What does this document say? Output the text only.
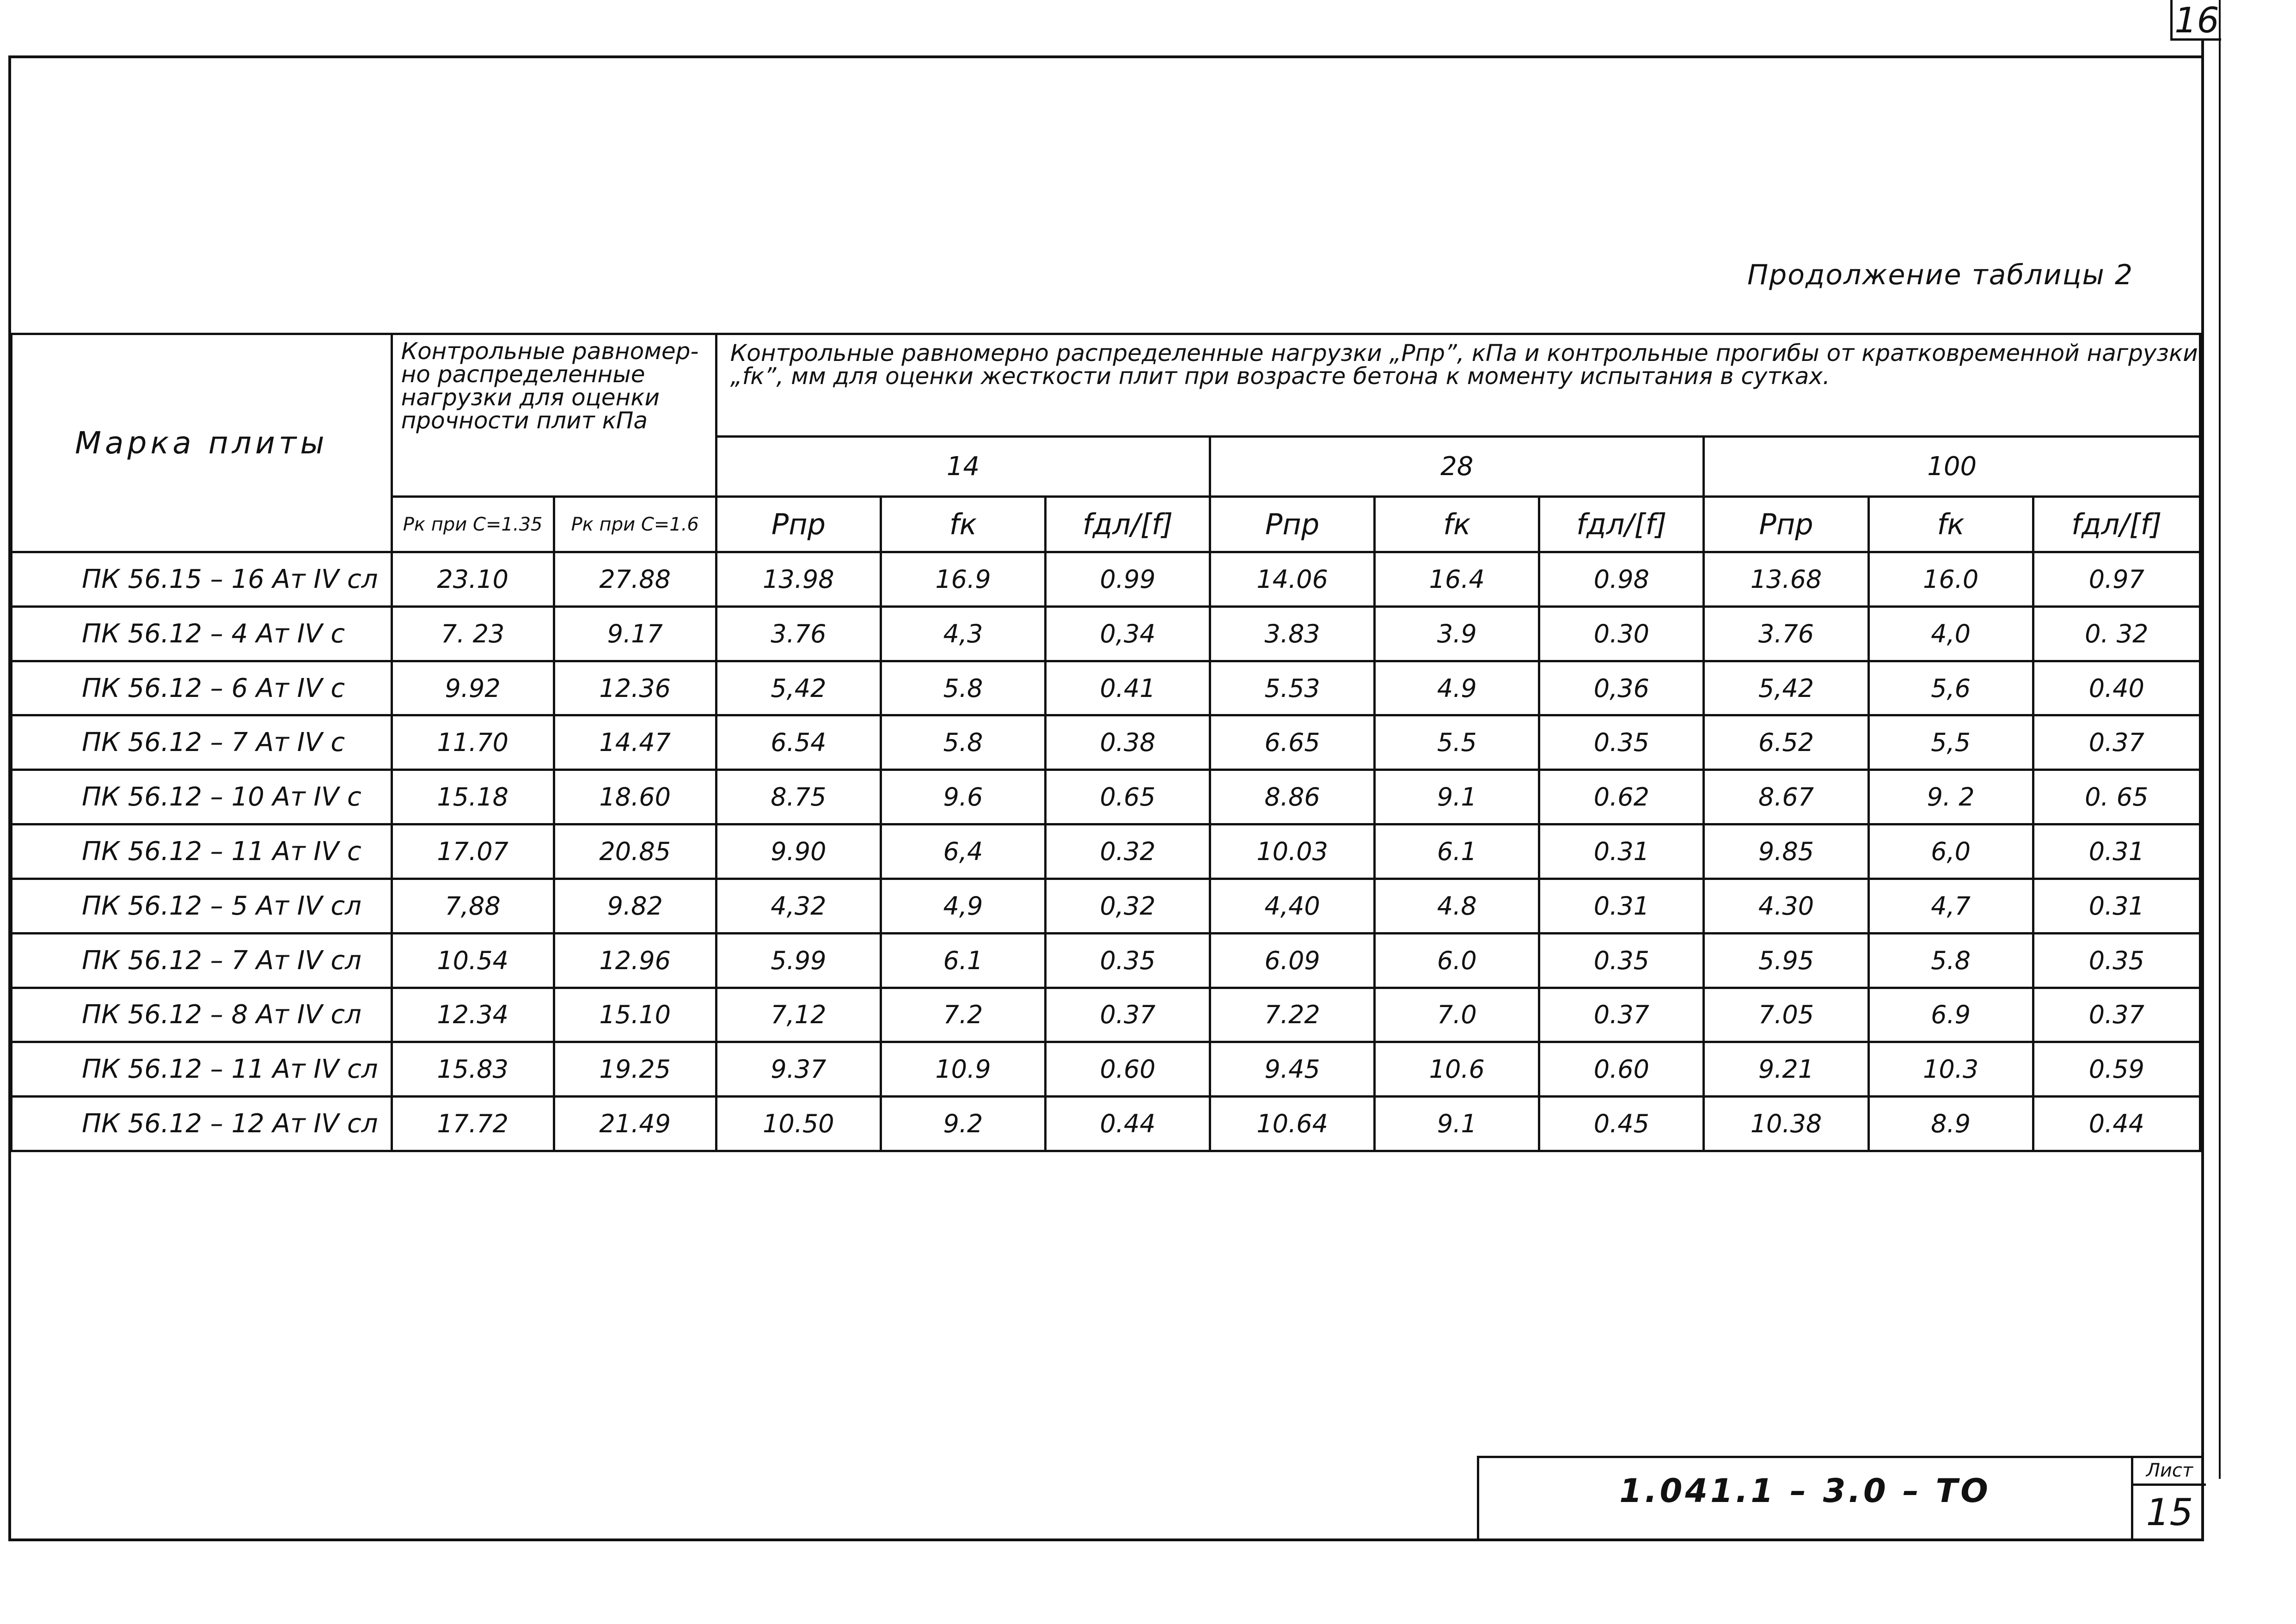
16
Продолжение таблицы 2
Марка плиты	Контрольные равномер-но распределенные нагрузки для оценки прочности плит кПа		Контрольные равномерно распределенные нагрузки „Рпр”, кПа и контрольные прогибы от кратковременной нагрузки „fк”, мм для оценки жесткости плит при возрасте бетона к моменту испытания в сутках.								
			14			28			100		
	Рк при С=1.35	Рк при С=1.6	Рпр	fк	fдл/[f]	Рпр	fк	fдл/[f]	Рпр	fк	fдл/[f]
ПК 56.15 – 16 Ат IV сл	23.10	27.88	13.98	16.9	0.99	14.06	16.4	0.98	13.68	16.0	0.97
ПК 56.12 – 4 Ат IV с	7. 23	9.17	3.76	4,3	0,34	3.83	3.9	0.30	3.76	4,0	0. 32
ПК 56.12 – 6 Ат IV с	9.92	12.36	5,42	5.8	0.41	5.53	4.9	0,36	5,42	5,6	0.40
ПК 56.12 – 7 Ат IV с	11.70	14.47	6.54	5.8	0.38	6.65	5.5	0.35	6.52	5,5	0.37
ПК 56.12 – 10 Ат IV с	15.18	18.60	8.75	9.6	0.65	8.86	9.1	0.62	8.67	9. 2	0. 65
ПК 56.12 – 11 Ат IV с	17.07	20.85	9.90	6,4	0.32	10.03	6.1	0.31	9.85	6,0	0.31
ПК 56.12 – 5 Ат IV сл	7,88	9.82	4,32	4,9	0,32	4,40	4.8	0.31	4.30	4,7	0.31
ПК 56.12 – 7 Ат IV сл	10.54	12.96	5.99	6.1	0.35	6.09	6.0	0.35	5.95	5.8	0.35
ПК 56.12 – 8 Ат IV сл	12.34	15.10	7,12	7.2	0.37	7.22	7.0	0.37	7.05	6.9	0.37
ПК 56.12 – 11 Ат IV сл	15.83	19.25	9.37	10.9	0.60	9.45	10.6	0.60	9.21	10.3	0.59
ПК 56.12 – 12 Ат IV сл	17.72	21.49	10.50	9.2	0.44	10.64	9.1	0.45	10.38	8.9	0.44
1.041.1 – 3.0 – ТО
Лист
15
